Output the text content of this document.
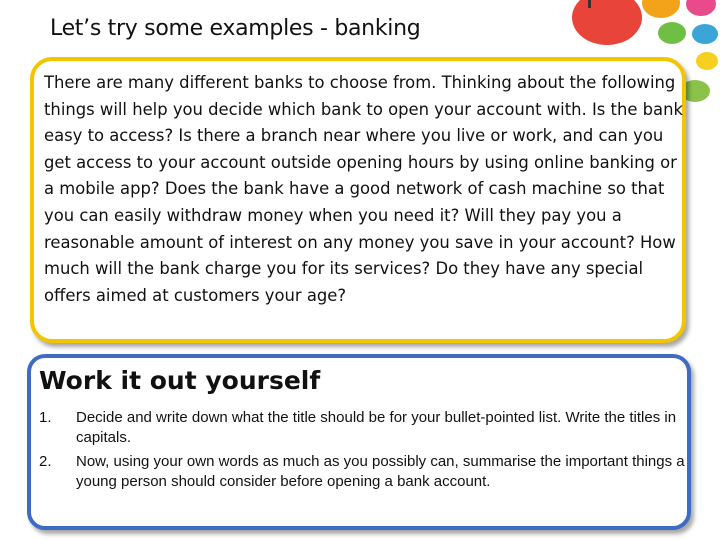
Let’s try some examples - banking

There are many different banks to choose from. Thinking about the following things will help you decide which bank to open your account with. Is the bank easy to access? Is there a branch near where you live or work, and can you get access to your account outside opening hours by using online banking or a mobile app? Does the bank have a good network of cash machine so that you can easily withdraw money when you need it? Will they pay you a reasonable amount of interest on any money you save in your account? How much will the bank charge you for its services? Do they have any special offers aimed at customers your age?

Work it out yourself
1.	Decide and write down what the title should be for your bullet-pointed list. Write the titles in capitals.
2.	Now, using your own words as much as you possibly can, summarise the important things a young person should consider before opening a bank account.
